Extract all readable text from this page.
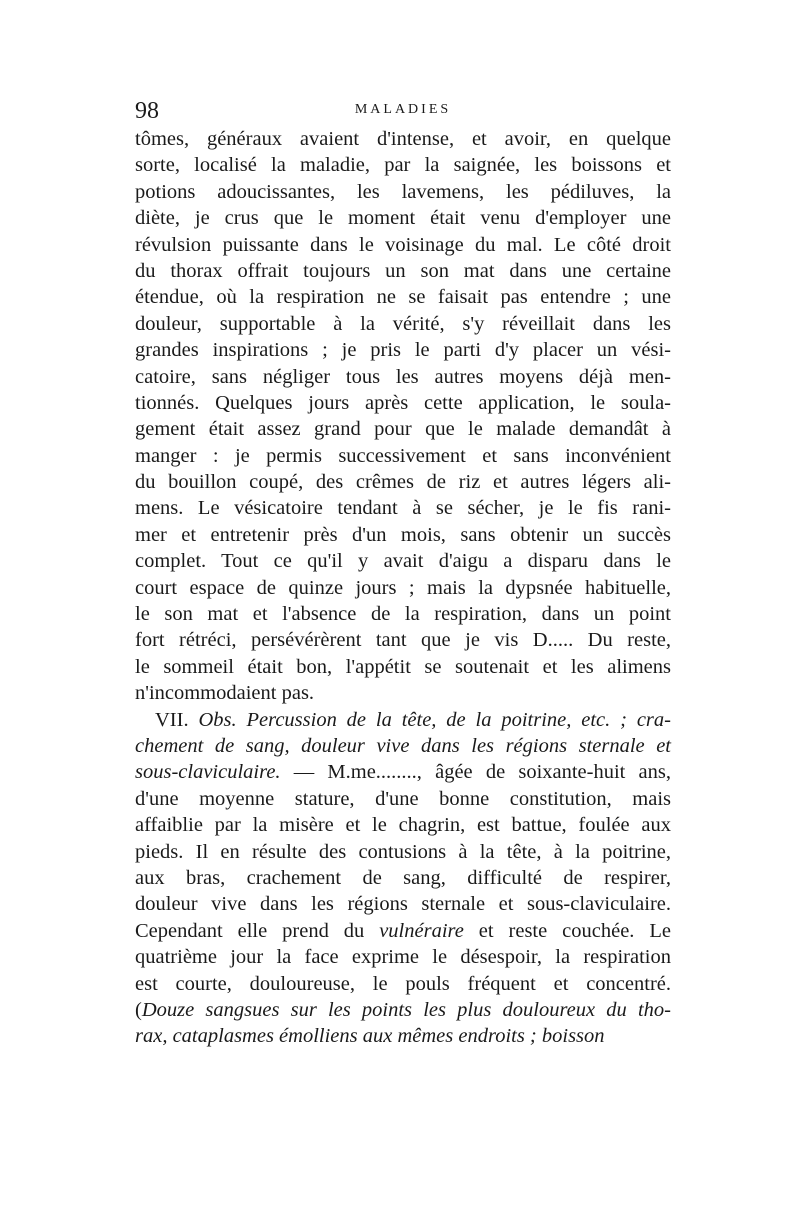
98	MALADIES
tômes, généraux avaient d'intense, et avoir, en quelque
sorte, localisé la maladie, par la saignée, les boissons et
potions adoucissantes, les lavemens, les pédiluves, la
diète, je crus que le moment était venu d'employer une
révulsion puissante dans le voisinage du mal. Le côté droit
du thorax offrait toujours un son mat dans une certaine
étendue, où la respiration ne se faisait pas entendre ; une
douleur, supportable à la vérité, s'y réveillait dans les
grandes inspirations ; je pris le parti d'y placer un vési-
catoire, sans négliger tous les autres moyens déjà men-
tionnés. Quelques jours après cette application, le soula-
gement était assez grand pour que le malade demandât à
manger : je permis successivement et sans inconvénient
du bouillon coupé, des crêmes de riz et autres légers ali-
mens. Le vésicatoire tendant à se sécher, je le fis rani-
mer et entretenir près d'un mois, sans obtenir un succès
complet. Tout ce qu'il y avait d'aigu a disparu dans le
court espace de quinze jours ; mais la dypsnée habituelle,
le son mat et l'absence de la respiration, dans un point
fort rétréci, persévérèrent tant que je vis D..... Du reste,
le sommeil était bon, l'appétit se soutenait et les alimens
n'incommodaient pas.
VII. Obs. Percussion de la tête, de la poitrine, etc. ; cra-
chement de sang, douleur vive dans les régions sternale et
sous-claviculaire. — M.me........, âgée de soixante-huit ans,
d'une moyenne stature, d'une bonne constitution, mais
affaiblie par la misère et le chagrin, est battue, foulée aux
pieds. Il en résulte des contusions à la tête, à la poitrine,
aux bras, crachement de sang, difficulté de respirer,
douleur vive dans les régions sternale et sous-claviculaire.
Cependant elle prend du vulnéraire et reste couchée. Le
quatrième jour la face exprime le désespoir, la respiration
est courte, douloureuse, le pouls fréquent et concentré.
(Douze sangsues sur les points les plus douloureux du tho-
rax, cataplasmes émolliens aux mêmes endroits ; boisson
